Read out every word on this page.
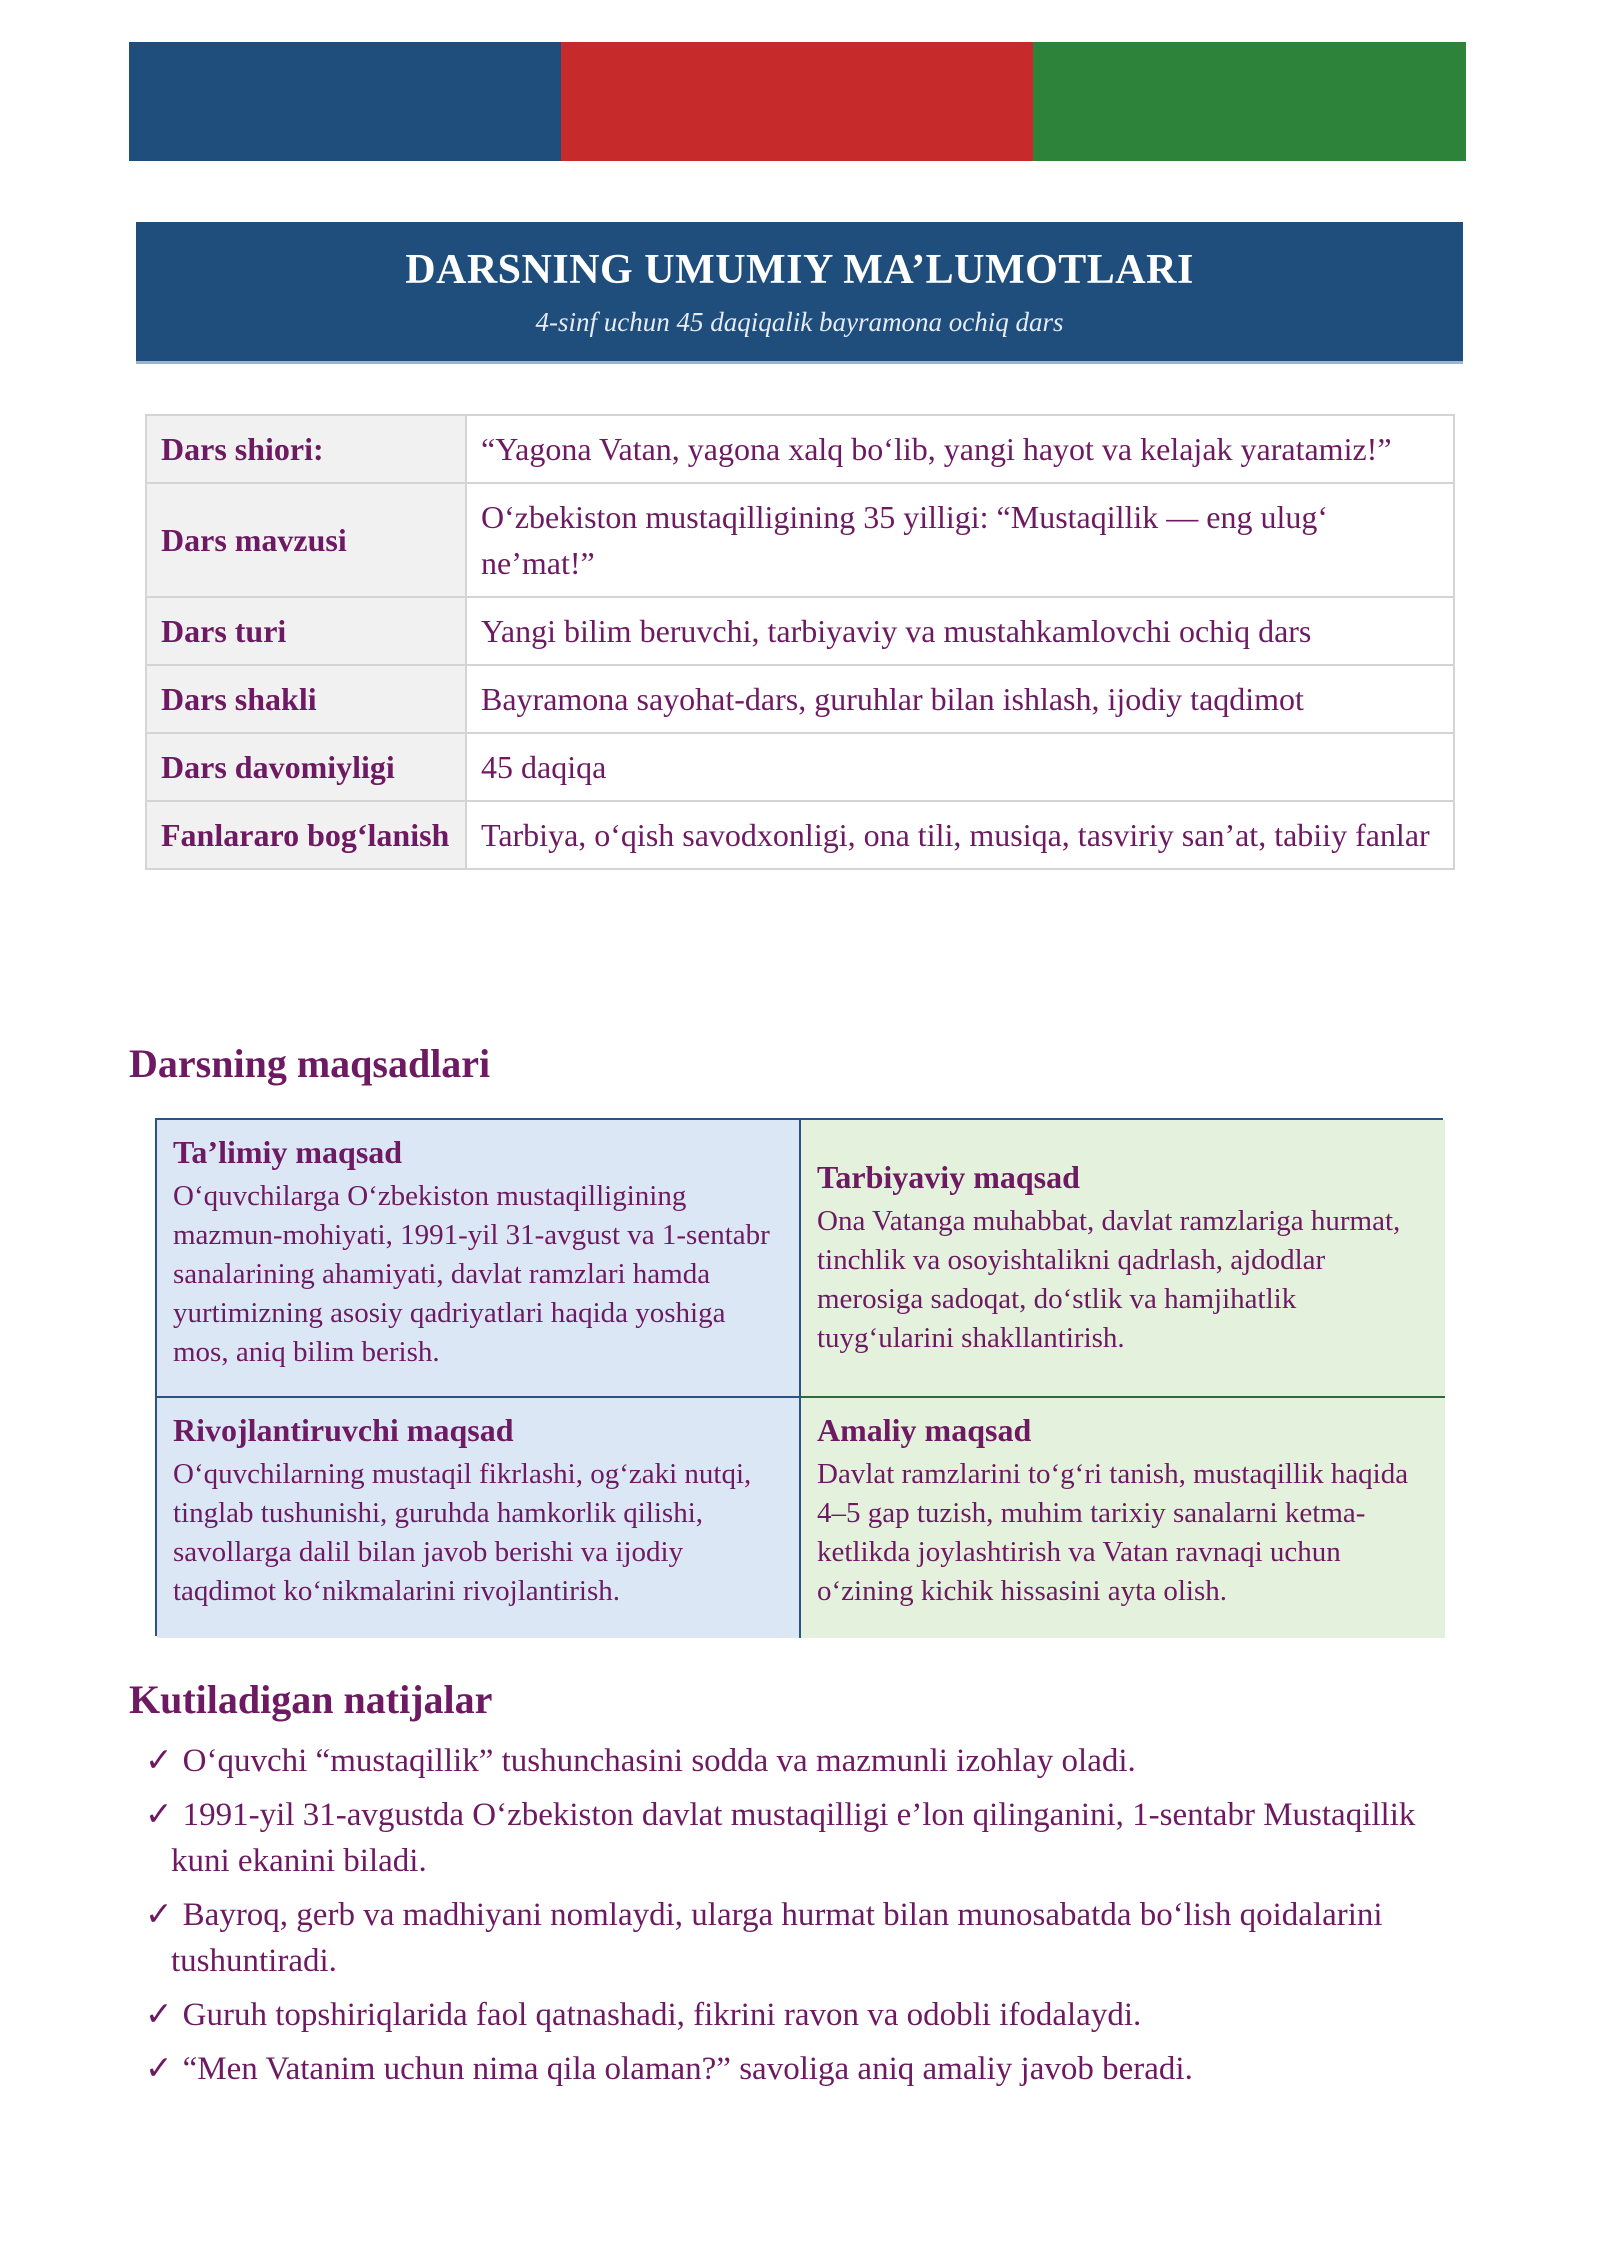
DARSNING UMUMIY MA’LUMOTLARI
4-sinf uchun 45 daqiqalik bayramona ochiq dars
Dars shiori:	“Yagona Vatan, yagona xalq bo‘lib, yangi hayot va kelajak yaratamiz!”
Dars mavzusi	O‘zbekiston mustaqilligining 35 yilligi: “Mustaqillik — eng ulug‘ ne’mat!”
Dars turi	Yangi bilim beruvchi, tarbiyaviy va mustahkamlovchi ochiq dars
Dars shakli	Bayramona sayohat-dars, guruhlar bilan ishlash, ijodiy taqdimot
Dars davomiyligi	45 daqiqa
Fanlararo bog‘lanish	Tarbiya, o‘qish savodxonligi, ona tili, musiqa, tasviriy san’at, tabiiy fanlar
Darsning maqsadlari
Ta’limiy maqsad

O‘quvchilarga O‘zbekiston mustaqilligining mazmun-mohiyati, 1991-yil 31-avgust va 1-sentabr sanalarining ahamiyati, davlat ramzlari hamda yurtimizning asosiy qadriyatlari haqida yoshiga mos, aniq bilim berish.

Tarbiyaviy maqsad

Ona Vatanga muhabbat, davlat ramzlariga hurmat, tinchlik va osoyishtalikni qadrlash, ajdodlar merosiga sadoqat, do‘stlik va hamjihatlik tuyg‘ularini shakllantirish.

Rivojlantiruvchi maqsad

O‘quvchilarning mustaqil fikrlashi, og‘zaki nutqi, tinglab tushunishi, guruhda hamkorlik qilishi, savollarga dalil bilan javob berishi va ijodiy taqdimot ko‘nikmalarini rivojlantirish.

Amaliy maqsad

Davlat ramzlarini to‘g‘ri tanish, mustaqillik haqida 4–5 gap tuzish, muhim tarixiy sanalarni ketma-ketlikda joylashtirish va Vatan ravnaqi uchun o‘zining kichik hissasini ayta olish.

Kutiladigan natijalar
✓ O‘quvchi “mustaqillik” tushunchasini sodda va mazmunli izohlay oladi.
✓ 1991-yil 31-avgustda O‘zbekiston davlat mustaqilligi e’lon qilinganini, 1-sentabr Mustaqillik kuni ekanini biladi.
✓ Bayroq, gerb va madhiyani nomlaydi, ularga hurmat bilan munosabatda bo‘lish qoidalarini tushuntiradi.
✓ Guruh topshiriqlarida faol qatnashadi, fikrini ravon va odobli ifodalaydi.
✓ “Men Vatanim uchun nima qila olaman?” savoliga aniq amaliy javob beradi.
